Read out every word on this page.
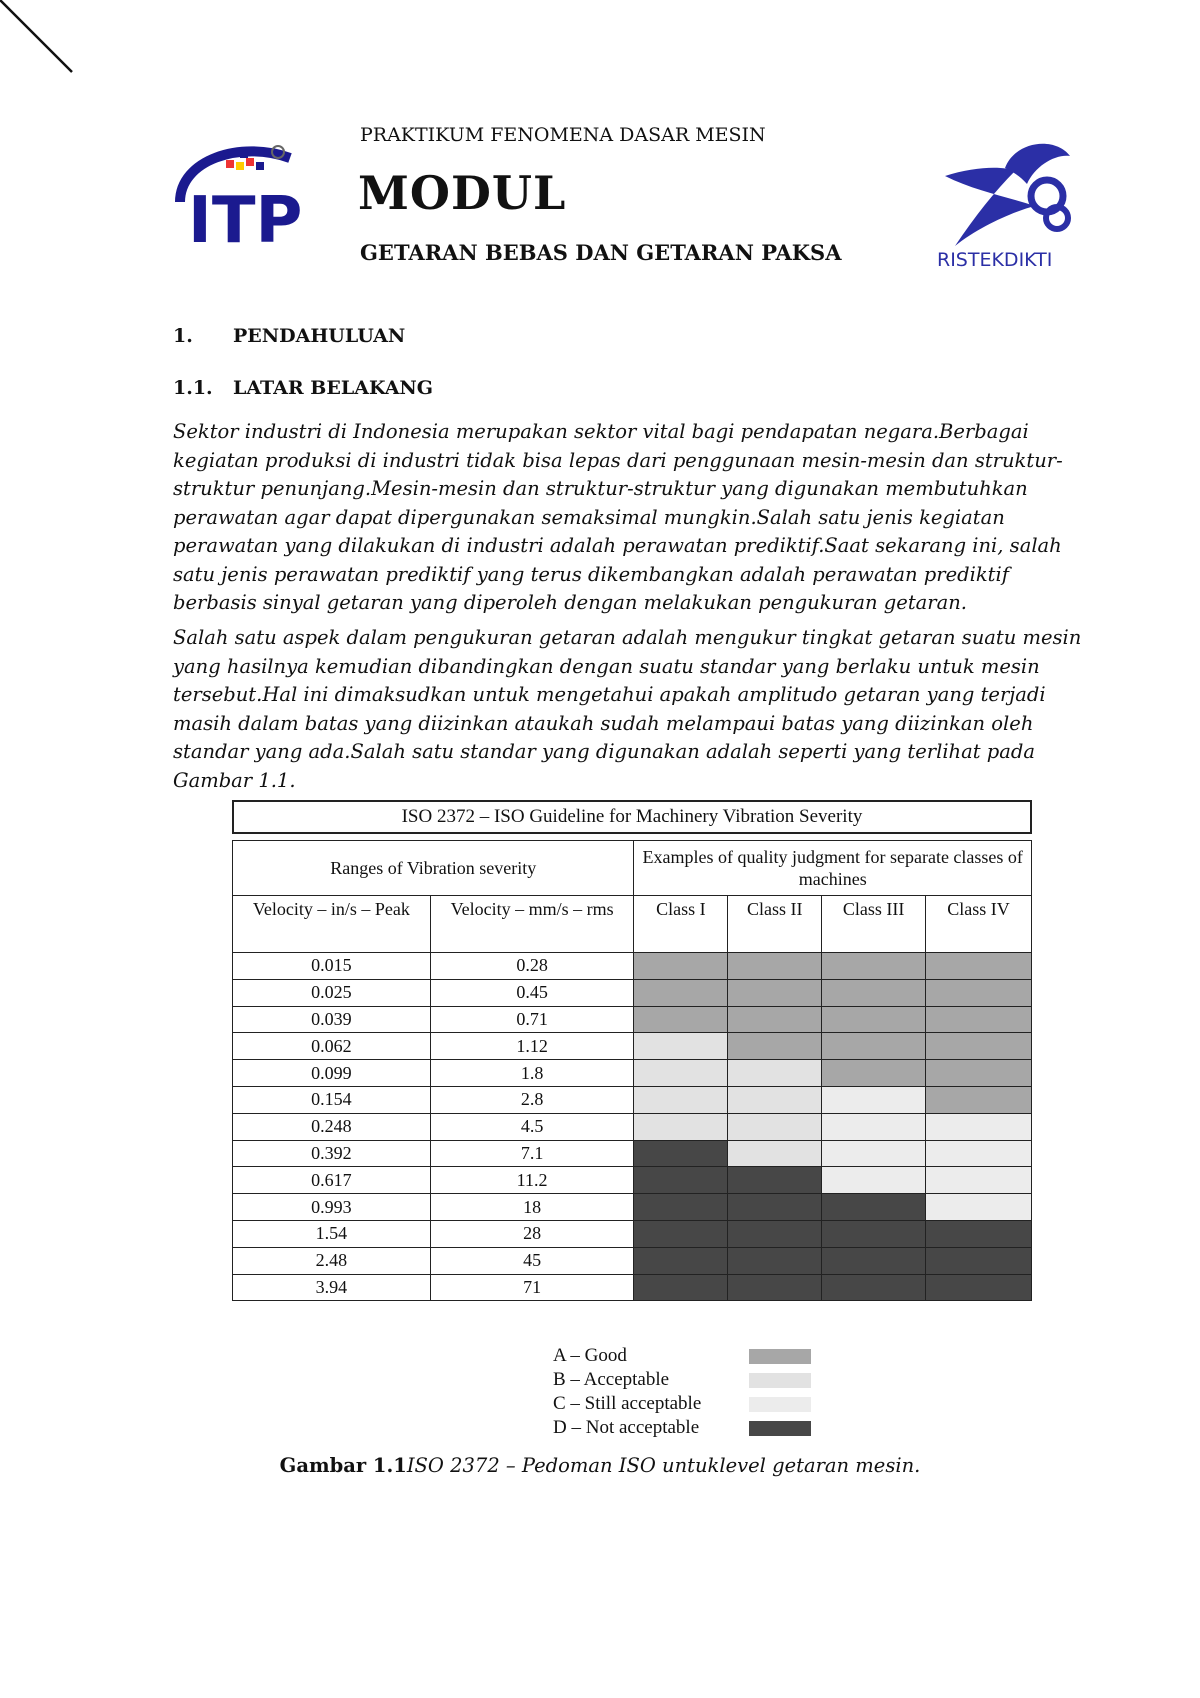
ITP
PRAKTIKUM FENOMENA DASAR MESIN
MODUL
GETARAN BEBAS DAN GETARAN PAKSA	RISTEKDIKTI
1. PENDAHULUAN
1.1. LATAR BELAKANG
Sektor industri di Indonesia merupakan sektor vital bagi pendapatan negara.Berbagai kegiatan produksi di industri tidak bisa lepas dari penggunaan mesin-mesin dan struktur-struktur penunjang.Mesin-mesin dan struktur-struktur yang digunakan membutuhkan perawatan agar dapat dipergunakan semaksimal mungkin.Salah satu jenis kegiatan perawatan yang dilakukan di industri adalah perawatan prediktif.Saat sekarang ini, salah satu jenis perawatan prediktif yang terus dikembangkan adalah perawatan prediktif berbasis sinyal getaran yang diperoleh dengan melakukan pengukuran getaran.
Salah satu aspek dalam pengukuran getaran adalah mengukur tingkat getaran suatu mesin yang hasilnya kemudian dibandingkan dengan suatu standar yang berlaku untuk mesin tersebut.Hal ini dimaksudkan untuk mengetahui apakah amplitudo getaran yang terjadi masih dalam batas yang diizinkan ataukah sudah melampaui batas yang diizinkan oleh standar yang ada.Salah satu standar yang digunakan adalah seperti yang terlihat pada Gambar 1.1.
ISO 2372 – ISO Guideline for Machinery Vibration Severity
Ranges of Vibration severity		Examples of quality judgment for separate classes of machines			
Velocity – in/s – Peak	Velocity – mm/s – rms	Class I	Class II	Class III	Class IV
0.015	0.28				
0.025	0.45				
0.039	0.71				
0.062	1.12				
0.099	1.8				
0.154	2.8				
0.248	4.5				
0.392	7.1				
0.617	11.2				
0.993	18				
1.54	28				
2.48	45				
3.94	71				
A – Good
B – Acceptable
C – Still acceptable
D – Not acceptable
Gambar 1.1ISO 2372 – Pedoman ISO untuklevel getaran mesin.
